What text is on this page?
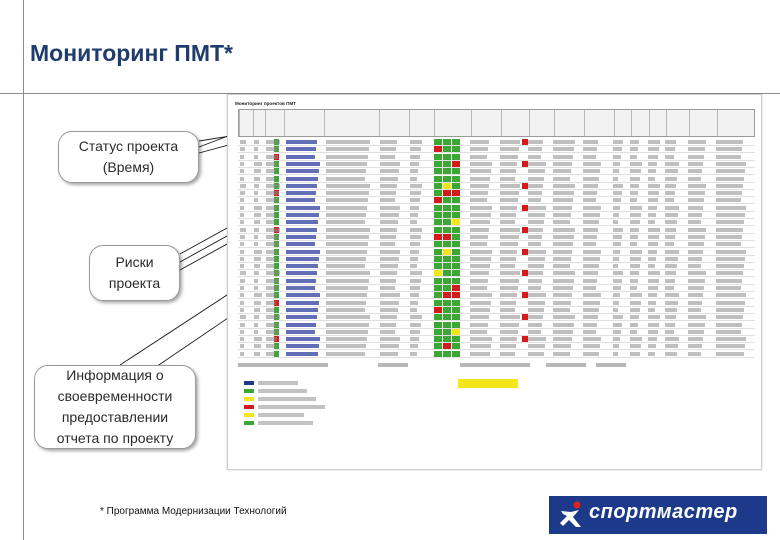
Мониторинг ПМТ*
Статус проекта (Время)
Риски проекта
Информация о своевременности предоставлении отчета по проекту
Мониторинг проектов ПМТ
* Программа Модернизации Технологий	спортмастер
